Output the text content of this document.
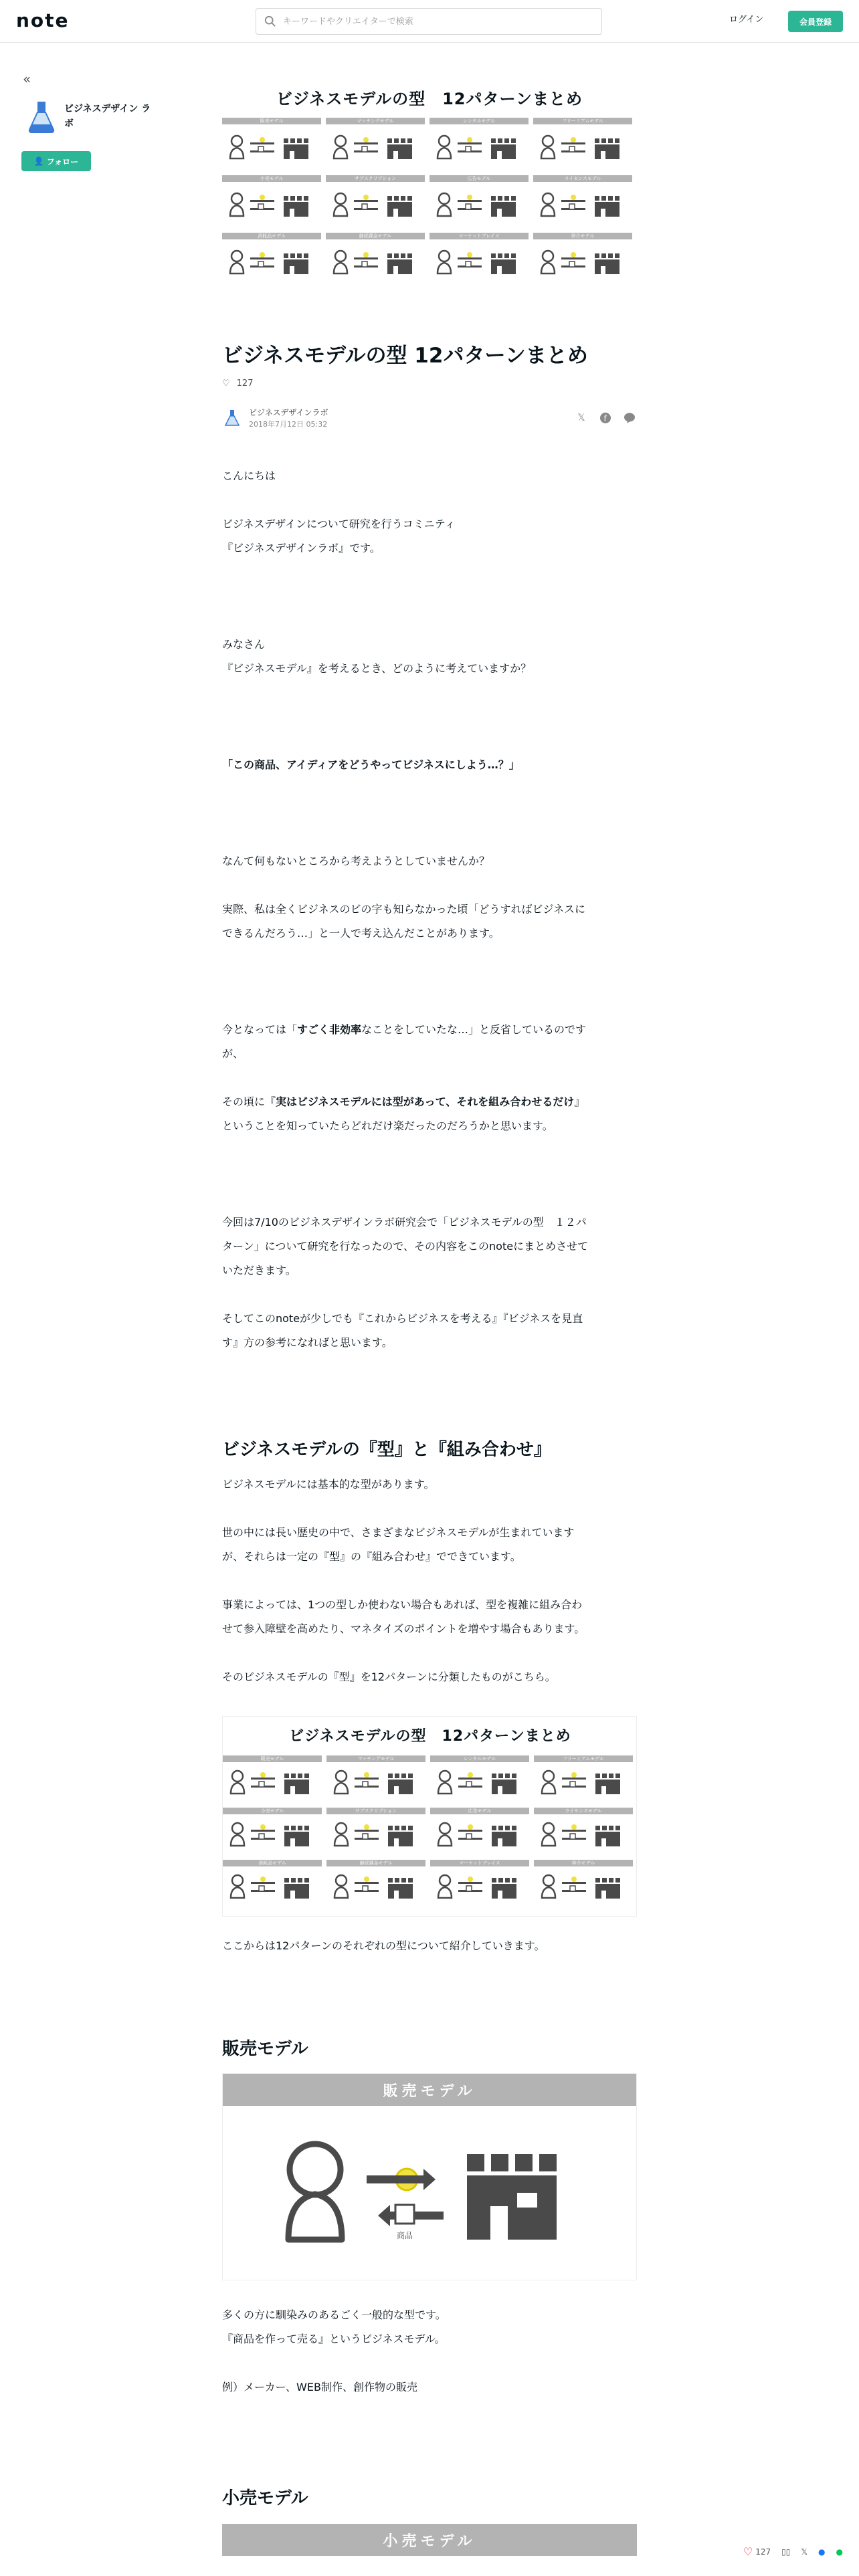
note
キーワードやクリエイターで検索	ログイン	会員登録
«
ビジネスデザイン ラボ
👤 フォロー
ビジネスモデルの型　12パターンまとめ
販売モデル	マッチングモデル	レンタルモデル	フリーミアムモデル
小売モデル	サブスクリプション	広告モデル	ライセンスモデル
消耗品モデル	継続課金モデル	マーケットプレイス	仲介モデル
ビジネスモデルの型 12パターンまとめ
♡ 127
ビジネスデザインラボ
2018年7月12日 05:32
𝕏	f
こんにちは
ビジネスデザインについて研究を行うコミニティ
『ビジネスデザインラボ』です。
みなさん
『ビジネスモデル』を考えるとき、どのように考えていますか？
「この商品、アイディアをどうやってビジネスにしよう…？」
なんて何もないところから考えようとしていませんか？
実際、私は全くビジネスのビの字も知らなかった頃「どうすればビジネスに
できるんだろう…」と一人で考え込んだことがあります。
今となっては「すごく非効率なことをしていたな…」と反省しているのです
が、
その頃に『実はビジネスモデルには型があって、それを組み合わせるだけ』
ということを知っていたらどれだけ楽だったのだろうかと思います。
今回は7/10のビジネスデザインラボ研究会で「ビジネスモデルの型　１２パ
ターン」について研究を行なったので、その内容をこのnoteにまとめさせて
いただきます。
そしてこのnoteが少しでも『これからビジネスを考える』『ビジネスを見直
す』方の参考になればと思います。
ビジネスモデルの『型』と『組み合わせ』
ビジネスモデルには基本的な型があります。
世の中には長い歴史の中で、さまざまなビジネスモデルが生まれています
が、それらは一定の『型』の『組み合わせ』でできています。
事業によっては、1つの型しか使わない場合もあれば、型を複雑に組み合わ
せて参入障壁を高めたり、マネタイズのポイントを増やす場合もあります。
そのビジネスモデルの『型』を12パターンに分類したものがこちら。
ビジネスモデルの型　12パターンまとめ
販売モデル	マッチングモデル	レンタルモデル	フリーミアムモデル
小売モデル	サブスクリプション	広告モデル	ライセンスモデル
消耗品モデル	継続課金モデル	マーケットプレイス	仲介モデル
ここからは12パターンのそれぞれの型について紹介していきます。
販売モデル
販売モデル
商品
多くの方に馴染みのあるごく一般的な型です。
『商品を作って売る』というビジネスモデル。
例）メーカー、WEB制作、創作物の販売
小売モデル
小売モデル
♡ 127 ▯▯ 𝕏 ● ●
